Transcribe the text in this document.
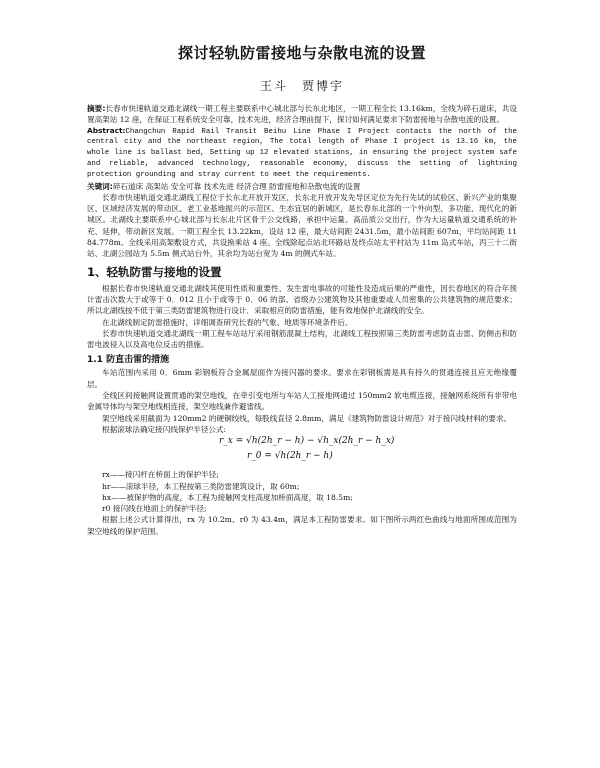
探讨轻轨防雷接地与杂散电流的设置
王斗　贾博宇

摘要:长春市快速轨道交通北湖线一期工程主要联系中心城北部与长东北地区，一期工程全长 13.16km，全线为碎石道床，共设置高架站 12 座，在保证工程系统安全可靠，技术先进，经济合理前提下，探讨如何满足要求下防雷接地与杂散电流的设置。

Abstract:Changchun Rapid Rail Transit Beihu Line Phase I Project contacts the north of the central city and the northeast region, The total length of Phase I project is 13.16 km, the whole line is ballast bed, Setting up 12 elevated stations, in ensuring the project system safe and reliable, advanced technology, reasonable economy, discuss the setting of lightning protection grounding and stray current to meet the requirements.

关键词:碎石道床 高架站 安全可靠 技术先进 经济合理 防雷接地和杂散电流的设置

长春市快速轨道交通北湖线工程位于长东北开放开发区，长东北开放开发先导区定位为先行先试的试验区、新兴产业的集聚区、区域经济发展的带动区、老工业基地振兴的示范区、生态宜居的新城区，是长春东北部的一个外向型、多功能、现代化的新城区。北湖线主要联系中心城北部与长东北片区骨干公交线路，承担中运量、高品质公交出行，作为大运量轨道交通系统的补充、延伸，带动新区发展。一期工程全长 13.22km，设站 12 座，最大站间距 2431.5m，最小站间距 607m，平均站间距 1184.778m。全线采用高架敷设方式，共设换乘站 4 座。全线除起点站北环路站及终点站太平村站为 11m 岛式车站，丙三十二街站、北湖公园站为 5.5m 侧式站台外，其余均为站台宽为 4m 的侧式车站。

1、轻轨防雷与接地的设置

根据长春市快速轨道交通北湖线其使用性质和重要性、发生雷电事故的可能性及造成后果的严重性，因长春地区的符合年预计雷击次数大于或等于 0．012 且小于或等于 0．06 的部、省级办公建筑物及其他重要或人员密集的公共建筑物的规范要求；所以北湖线按不低于第三类防雷建筑物进行设计．采取相应的防雷措施，能有效地保护北湖线的安全。

在北湖线制定防雷措施时，详细调查研究长春的气象、地质等环境条件后。

长春市快速轨道交通北湖线一期工程车站站厅采用钢筋混凝土结构，北湖线工程按照第三类防雷考虑防直击雷、防侧击和防雷电波侵入以及高电位反击的措施。

1.1 防直击雷的措施

车站范围内采用 0．6mm 彩钢板符合金属屋面作为接闪器的要求。要求在彩钢板需是具有持久的贯通连接且应无绝缘覆层。

全线区间接触网设置贯通的架空地线，在牵引变电所与车站人工接地网通过 150mm2 软电缆连接，接触网系统所有非带电金属导体均与架空地线相连接，架空地线兼作避雷线。

架空地线采用截面为 120mm2 的硬铜绞线，每股线直径 2.8mm，满足《建筑物防雷设计规范》对于接闪线材料的要求。

根据滚球法确定接闪线保护半径公式:

r_x = √h(2h_r − h) − √h_x(2h_r − h_x)
r_0 = √h(2h_r − h)

rx——接闪杆在桥面上的保护半径;

hr——滚球半径，本工程按第三类防雷建筑设计，取 60m;

hx——被保护物的高度，本工程为接触网支柱高度加桥面高度，取 18.5m;

r0 接闪线在地面上的保护半径;

根据上述公式计算得出，rx 为 10.2m、r0 为 43.4m，满足本工程防雷要求。如下图所示两红色曲线与地面所围成范围为架空地线的保护范围。
